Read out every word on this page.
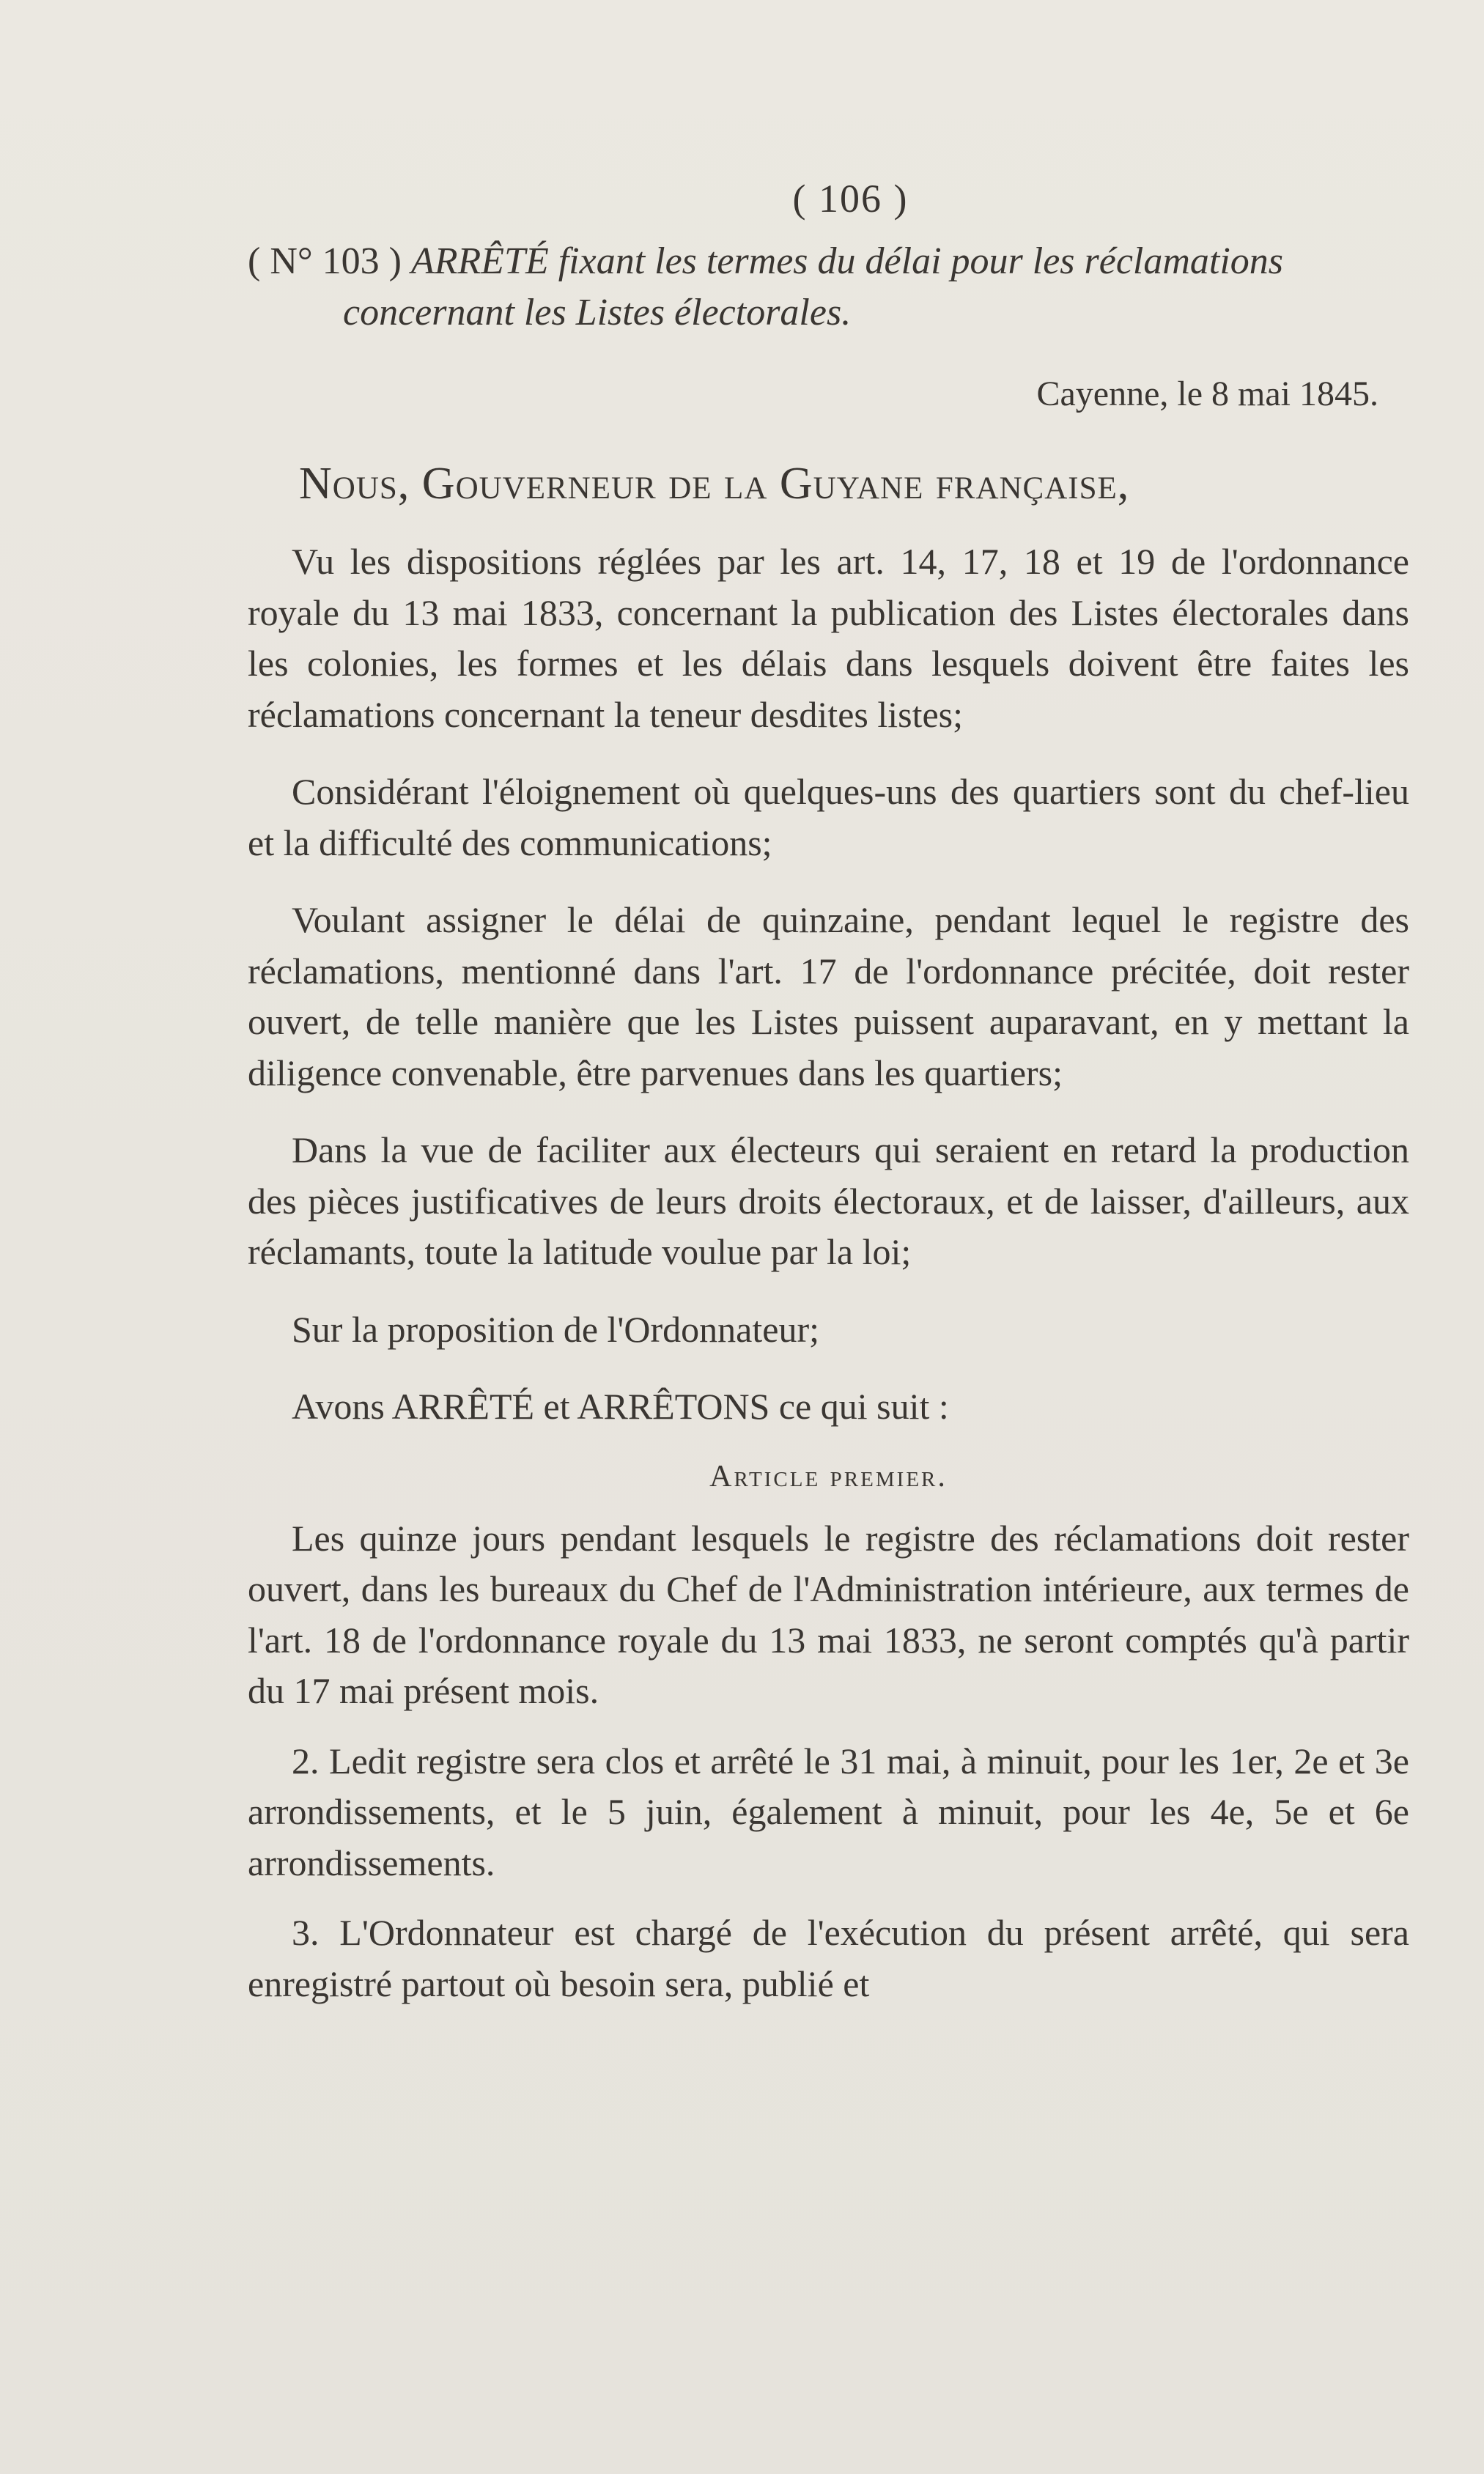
( 106 )
( N° 103 ) ARRÊTÉ fixant les termes du délai pour les réclamations concernant les Listes électorales.
Cayenne, le 8 mai 1845.
Nous, Gouverneur de la Guyane française,

Vu les dispositions réglées par les art. 14, 17, 18 et 19 de l'ordonnance royale du 13 mai 1833, concernant la publication des Listes électorales dans les colonies, les formes et les délais dans lesquels doivent être faites les réclamations concernant la teneur desdites listes;

Considérant l'éloignement où quelques-uns des quartiers sont du chef-lieu et la difficulté des communications;

Voulant assigner le délai de quinzaine, pendant lequel le registre des réclamations, mentionné dans l'art. 17 de l'ordonnance précitée, doit rester ouvert, de telle manière que les Listes puissent auparavant, en y mettant la diligence convenable, être parvenues dans les quartiers;

Dans la vue de faciliter aux électeurs qui seraient en retard la production des pièces justificatives de leurs droits électoraux, et de laisser, d'ailleurs, aux réclamants, toute la latitude voulue par la loi;

Sur la proposition de l'Ordonnateur;

Avons ARRÊTÉ et ARRÊTONS ce qui suit :

Article premier.

Les quinze jours pendant lesquels le registre des réclamations doit rester ouvert, dans les bureaux du Chef de l'Administration intérieure, aux termes de l'art. 18 de l'ordonnance royale du 13 mai 1833, ne seront comptés qu'à partir du 17 mai présent mois.

2. Ledit registre sera clos et arrêté le 31 mai, à minuit, pour les 1er, 2e et 3e arrondissements, et le 5 juin, également à minuit, pour les 4e, 5e et 6e arrondissements.

3. L'Ordonnateur est chargé de l'exécution du présent arrêté, qui sera enregistré partout où besoin sera, publié et
